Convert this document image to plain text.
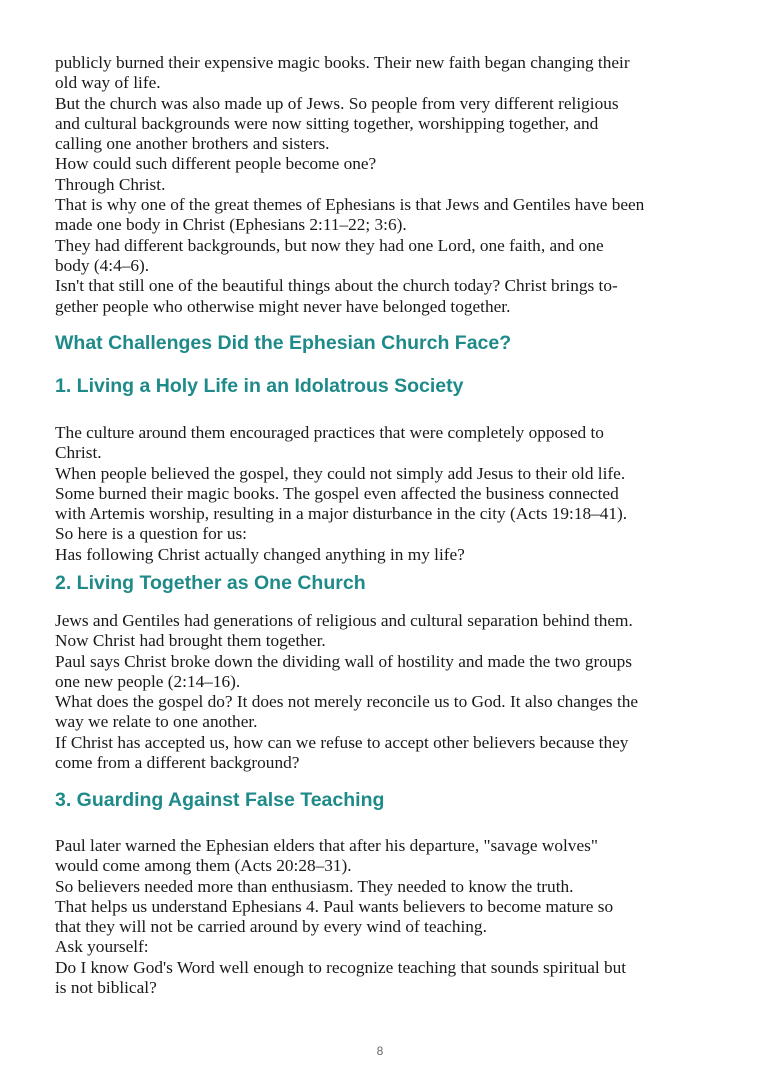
publicly burned their expensive magic books. Their new faith began changing their

old way of life.

But the church was also made up of Jews. So people from very different religious

and cultural backgrounds were now sitting together, worshipping together, and

calling one another brothers and sisters.

How could such different people become one?

Through Christ.

That is why one of the great themes of Ephesians is that Jews and Gentiles have been

made one body in Christ (Ephesians 2:11–22; 3:6).

They had different backgrounds, but now they had one Lord, one faith, and one

body (4:4–6).

Isn't that still one of the beautiful things about the church today? Christ brings to-

gether people who otherwise might never have belonged together.

What Challenges Did the Ephesian Church Face?
1. Living a Holy Life in an Idolatrous Society

The culture around them encouraged practices that were completely opposed to

Christ.

When people believed the gospel, they could not simply add Jesus to their old life.

Some burned their magic books. The gospel even affected the business connected

with Artemis worship, resulting in a major disturbance in the city (Acts 19:18–41).

So here is a question for us:

Has following Christ actually changed anything in my life?

2. Living Together as One Church

Jews and Gentiles had generations of religious and cultural separation behind them.

Now Christ had brought them together.

Paul says Christ broke down the dividing wall of hostility and made the two groups

one new people (2:14–16).

What does the gospel do? It does not merely reconcile us to God. It also changes the

way we relate to one another.

If Christ has accepted us, how can we refuse to accept other believers because they

come from a different background?

3. Guarding Against False Teaching

Paul later warned the Ephesian elders that after his departure, "savage wolves"

would come among them (Acts 20:28–31).

So believers needed more than enthusiasm. They needed to know the truth.

That helps us understand Ephesians 4. Paul wants believers to become mature so

that they will not be carried around by every wind of teaching.

Ask yourself:

Do I know God's Word well enough to recognize teaching that sounds spiritual but

is not biblical?

8
